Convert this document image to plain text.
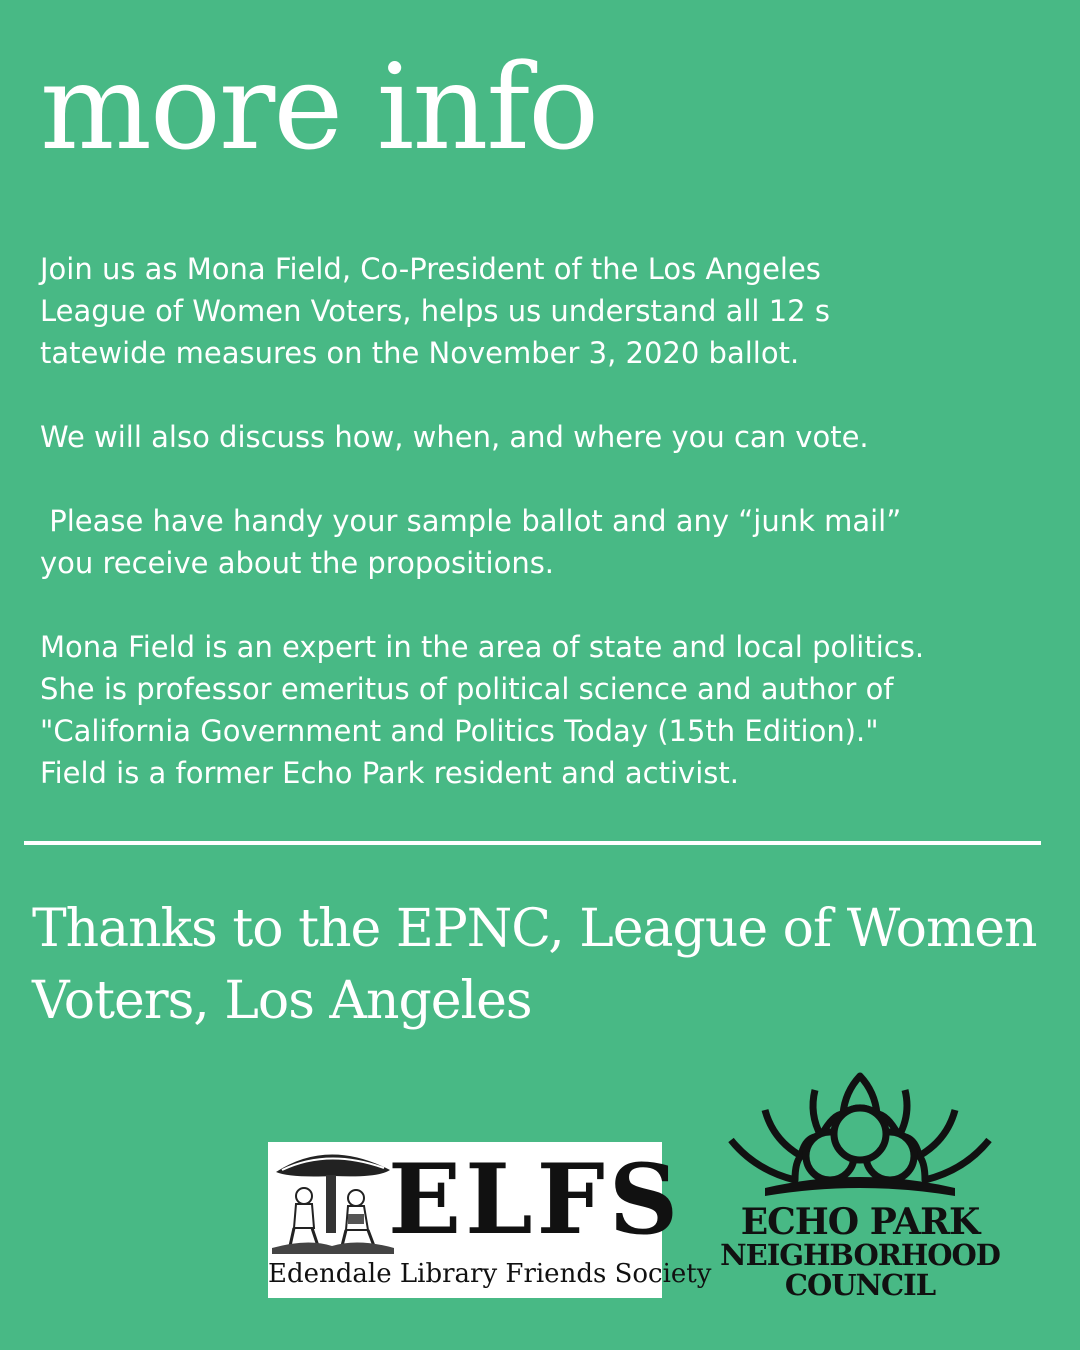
more info

Join us as Mona Field, Co-President of the Los Angeles
League of Women Voters, helps us understand all 12 s
tatewide measures on the November 3, 2020 ballot.

We will also discuss how, when, and where you can vote.

Please have handy your sample ballot and any “junk mail”
you receive about the propositions.

Mona Field is an expert in the area of state and local politics.
She is professor emeritus of political science and author of
"California Government and Politics Today (15th Edition)."
Field is a former Echo Park resident and activist.

Thanks to the EPNC, League of Women
Voters, Los Angeles
ELFS
Edendale Library Friends Society
ECHO PARK
NEIGHBORHOOD
COUNCIL
